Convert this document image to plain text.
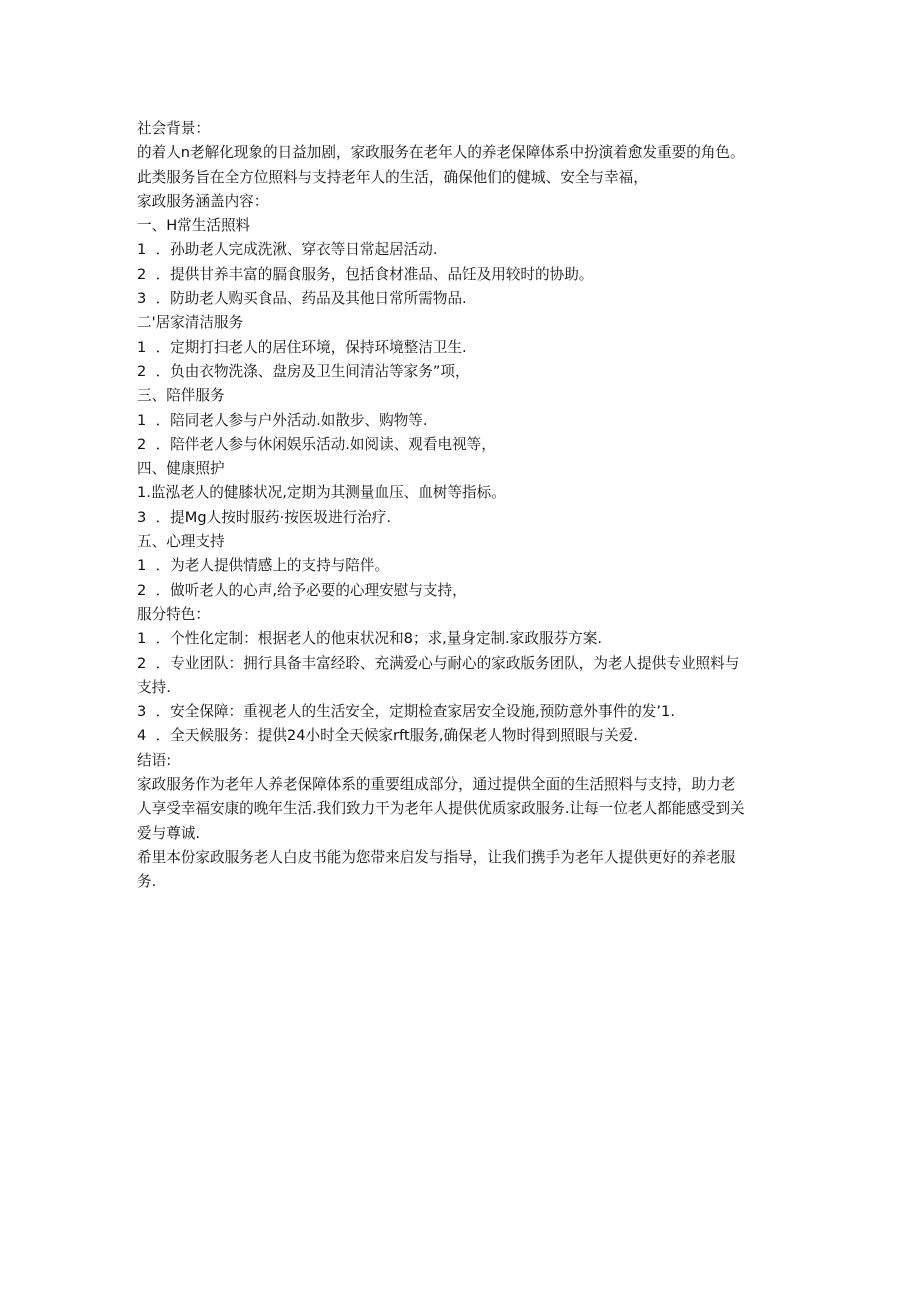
社会背景：
的着人n老解化现象的日益加剧，家政服务在老年人的养老保障体系中扮演着愈发重要的角色。
此类服务旨在全方位照料与支持老年人的生活，确保他们的健城、安全与幸福，
家政服务涵盖内容：
一、H常生活照料
1	．孙助老人完成洗湫、穿衣等日常起居活动.
2	．提供甘养丰富的膈食服务，包括食材准品、品饪及用较时的协助。
3	．防助老人购买食品、药品及其他日常所需物品.
二'居家清洁服务
1	．定期打扫老人的居住环境，保持环境整洁卫生.
2	．负由衣物洗涤、盘房及卫生间清沾等家务”项，
三、陪伴服务
1	．陪同老人参与户外活动.如散步、购物等.
2	．陪伴老人参与休闲娱乐活动.如阅读、观看电视等，
四、健康照护
1.监泓老人的健膝状况,定期为其测量血压、血树等指标。
3	．提Mg人按时服药·按医圾进行治疗.
五、心理支持
1	．为老人提供情感上的支持与陪伴。
2	．做听老人的心声,给予必要的心理安慰与支持，
服分特色：
1	．个性化定制：根据老人的他束状况和8；求,量身定制.家政服芬方案.
2	．专业团队：拥行具备丰富经聆、充满爱心与耐心的家政版务团队，为老人提供专业照料与
支持.
3	．安全保障：重视老人的生活安全，定期检查家居安全设施,预防意外事件的发’1.
4	．全天候服务：提供24小时全天候家rft服务,确保老人物时得到照眼与关爱.
结语:
家政服务作为老年人养老保障体系的重要组成部分，通过提供全面的生活照料与支持，助力老
人享受幸福安康的晚年生活.我们致力干为老年人提供优质家政服务.让每一位老人都能感受到关
爱与尊诚.
希里本份家政服务老人白皮书能为您带来启发与指导，让我们携手为老年人提供更好的养老服
务.
